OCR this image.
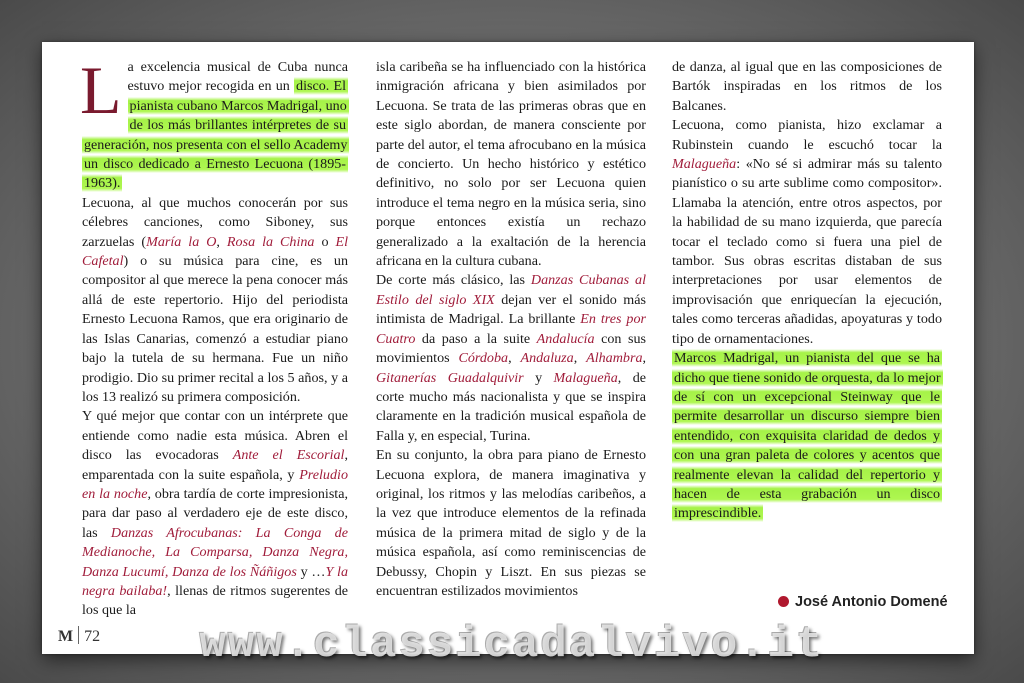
La excelencia musical de Cuba nunca estuvo mejor recogida en un disco. El pianista cubano Marcos Madrigal, uno de los más brillantes intérpretes de su generación, nos presenta con el sello Academy un disco dedicado a Ernesto Lecuona (1895-1963).

Lecuona, al que muchos conocerán por sus célebres canciones, como Siboney, sus zarzuelas (María la O, Rosa la China o El Cafetal) o su música para cine, es un compositor al que merece la pena conocer más allá de este repertorio. Hijo del periodista Ernesto Lecuona Ramos, que era originario de las Islas Canarias, comenzó a estudiar piano bajo la tutela de su hermana. Fue un niño prodigio. Dio su primer recital a los 5 años, y a los 13 realizó su primera composición.

Y qué mejor que contar con un intérprete que entiende como nadie esta música. Abren el disco las evocadoras Ante el Escorial, emparentada con la suite española, y Preludio en la noche, obra tardía de corte impresionista, para dar paso al verdadero eje de este disco, las Danzas Afrocubanas: La Conga de Medianoche, La Comparsa, Danza Negra, Danza Lucumí, Danza de los Ñáñigos y …Y la negra bailaba!, llenas de ritmos sugerentes de los que la

isla caribeña se ha influenciado con la histórica inmigración africana y bien asimilados por Lecuona. Se trata de las primeras obras que en este siglo abordan, de manera consciente por parte del autor, el tema afrocubano en la música de concierto. Un hecho histórico y estético definitivo, no solo por ser Lecuona quien introduce el tema negro en la música seria, sino porque entonces existía un rechazo generalizado a la exaltación de la herencia africana en la cultura cubana.

De corte más clásico, las Danzas Cubanas al Estilo del siglo XIX dejan ver el sonido más intimista de Madrigal. La brillante En tres por Cuatro da paso a la suite Andalucía con sus movimientos Córdoba, Andaluza, Alhambra, Gitanerías Guadalquivir y Malagueña, de corte mucho más nacionalista y que se inspira claramente en la tradición musical española de Falla y, en especial, Turina.

En su conjunto, la obra para piano de Ernesto Lecuona explora, de manera imaginativa y original, los ritmos y las melodías caribeños, a la vez que introduce elementos de la refinada música de la primera mitad de siglo y de la música española, así como reminiscencias de Debussy, Chopin y Liszt. En sus piezas se encuentran estilizados movimientos

de danza, al igual que en las composiciones de Bartók inspiradas en los ritmos de los Balcanes.

Lecuona, como pianista, hizo exclamar a Rubinstein cuando le escuchó tocar la Malagueña: «No sé si admirar más su talento pianístico o su arte sublime como compositor». Llamaba la atención, entre otros aspectos, por la habilidad de su mano izquierda, que parecía tocar el teclado como si fuera una piel de tambor. Sus obras escritas distaban de sus interpretaciones por usar elementos de improvisación que enriquecían la ejecución, tales como terceras añadidas, apoyaturas y todo tipo de ornamentaciones.

Marcos Madrigal, un pianista del que se ha dicho que tiene sonido de orquesta, da lo mejor de sí con un excepcional Steinway que le permite desarrollar un discurso siempre bien entendido, con exquisita claridad de dedos y con una gran paleta de colores y acentos que realmente elevan la calidad del repertorio y hacen de esta grabación un disco imprescindible.

José Antonio Domené
M 72	www.classicadalvivo.it
